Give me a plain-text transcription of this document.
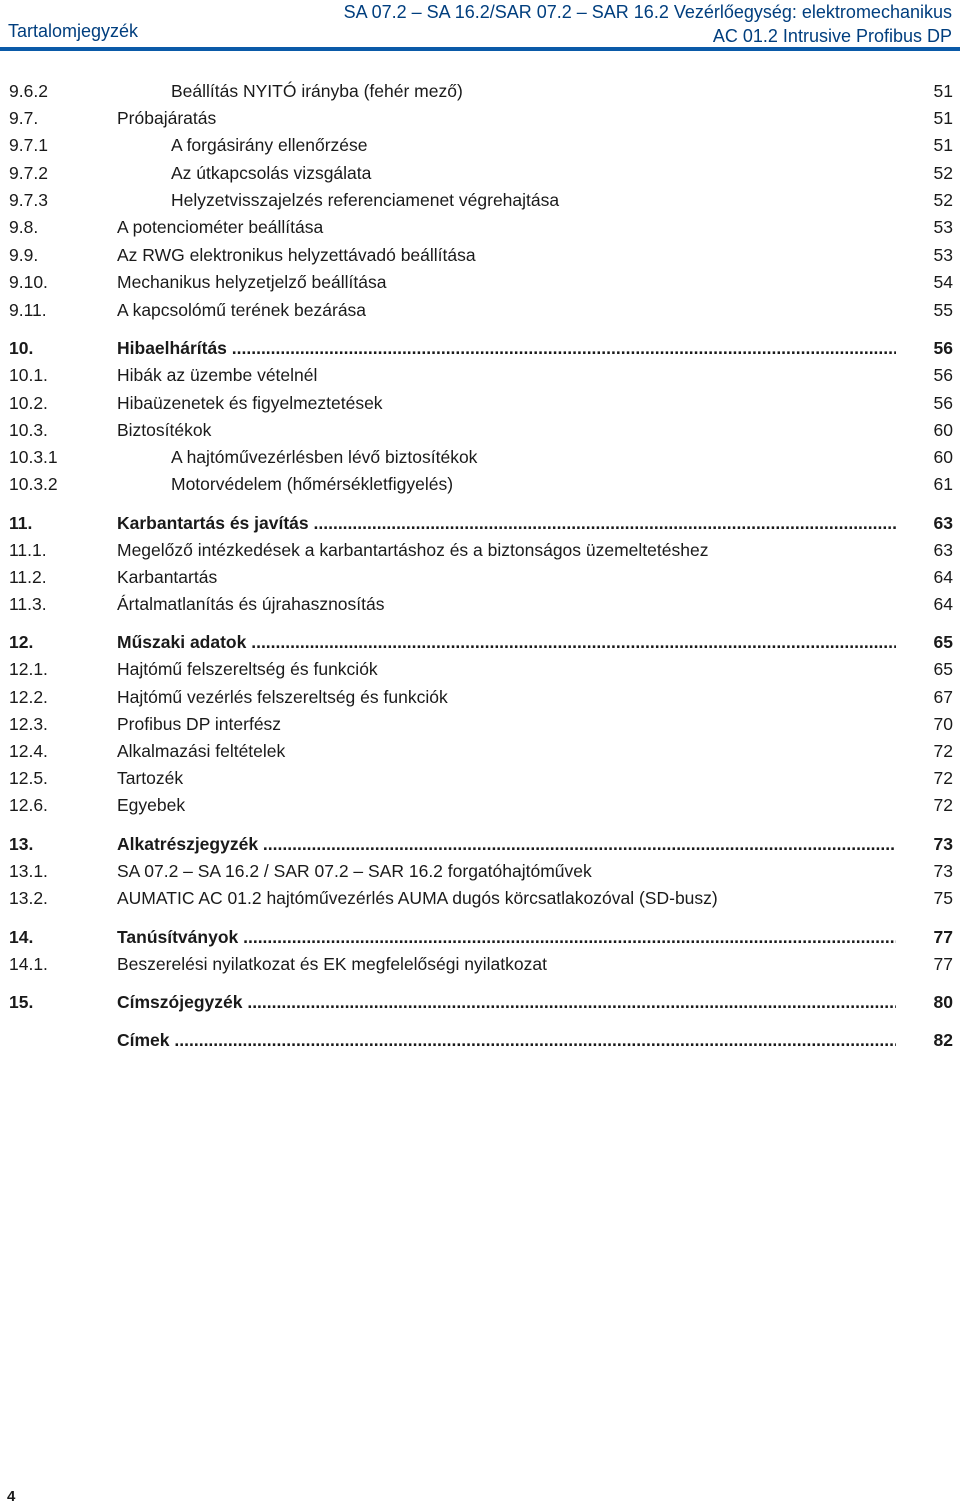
Tartalomjegyzék
SA 07.2 – SA 16.2/SAR 07.2 – SAR 16.2 Vezérlőegység: elektromechanikus
AC 01.2 Intrusive Profibus DP
9.6.2	Beállítás NYITÓ irányba (fehér mező)	51
9.7.	Próbajáratás	51
9.7.1	A forgásirány ellenőrzése	51
9.7.2	Az útkapcsolás vizsgálata	52
9.7.3	Helyzetvisszajelzés referenciamenet végrehajtása	52
9.8.	A potenciométer beállítása	53
9.9.	Az RWG elektronikus helyzettávadó beállítása	53
9.10.	Mechanikus helyzetjelző beállítása	54
9.11.	A kapcsolómű terének bezárása	55
10.	Hibaelhárítás .....	56
10.1.	Hibák az üzembe vételnél	56
10.2.	Hibaüzenetek és figyelmeztetések	56
10.3.	Biztosítékok	60
10.3.1	A hajtóművezérlésben lévő biztosítékok	60
10.3.2	Motorvédelem (hőmérsékletfigyelés)	61
11.	Karbantartás és javítás .....	63
11.1.	Megelőző intézkedések a karbantartáshoz és a biztonságos üzemeltetéshez	63
11.2.	Karbantartás	64
11.3.	Ártalmatlanítás és újrahasznosítás	64
12.	Műszaki adatok .....	65
12.1.	Hajtómű felszereltség és funkciók	65
12.2.	Hajtómű vezérlés felszereltség és funkciók	67
12.3.	Profibus DP interfész	70
12.4.	Alkalmazási feltételek	72
12.5.	Tartozék	72
12.6.	Egyebek	72
13.	Alkatrészjegyzék .....	73
13.1.	SA 07.2 – SA 16.2 / SAR 07.2 – SAR 16.2 forgatóhajtóművek	73
13.2.	AUMATIC AC 01.2 hajtóművezérlés AUMA dugós körcsatlakozóval (SD-busz)	75
14.	Tanúsítványok .....	77
14.1.	Beszerelési nyilatkozat és EK megfelelőségi nyilatkozat	77
15.	Címszójegyzék .....	80
Címek .....	82
4
